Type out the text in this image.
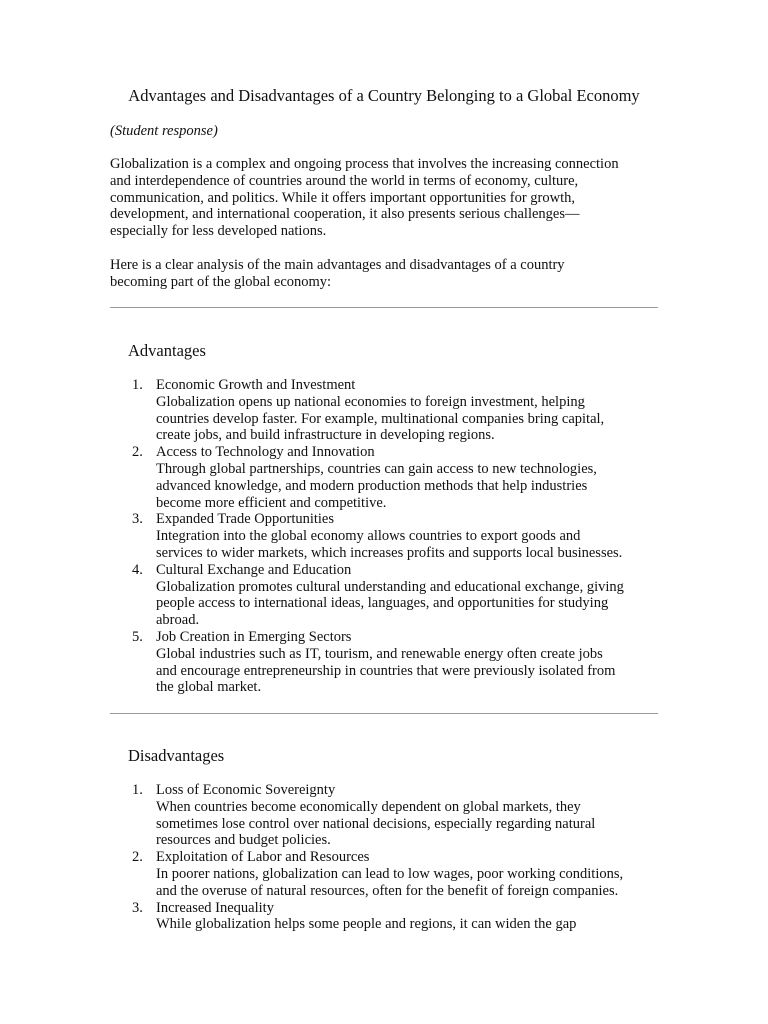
Advantages and Disadvantages of a Country Belonging to a Global Economy
(Student response)

Globalization is a complex and ongoing process that involves the increasing connection
and interdependence of countries around the world in terms of economy, culture,
communication, and politics. While it offers important opportunities for growth,
development, and international cooperation, it also presents serious challenges—
especially for less developed nations.

Here is a clear analysis of the main advantages and disadvantages of a country
becoming part of the global economy:

Advantages
1. Economic Growth and Investment
Globalization opens up national economies to foreign investment, helping
countries develop faster. For example, multinational companies bring capital,
create jobs, and build infrastructure in developing regions.
2. Access to Technology and Innovation
Through global partnerships, countries can gain access to new technologies,
advanced knowledge, and modern production methods that help industries
become more efficient and competitive.
3. Expanded Trade Opportunities
Integration into the global economy allows countries to export goods and
services to wider markets, which increases profits and supports local businesses.
4. Cultural Exchange and Education
Globalization promotes cultural understanding and educational exchange, giving
people access to international ideas, languages, and opportunities for studying
abroad.
5. Job Creation in Emerging Sectors
Global industries such as IT, tourism, and renewable energy often create jobs
and encourage entrepreneurship in countries that were previously isolated from
the global market.
Disadvantages
1. Loss of Economic Sovereignty
When countries become economically dependent on global markets, they
sometimes lose control over national decisions, especially regarding natural
resources and budget policies.
2. Exploitation of Labor and Resources
In poorer nations, globalization can lead to low wages, poor working conditions,
and the overuse of natural resources, often for the benefit of foreign companies.
3. Increased Inequality
While globalization helps some people and regions, it can widen the gap
